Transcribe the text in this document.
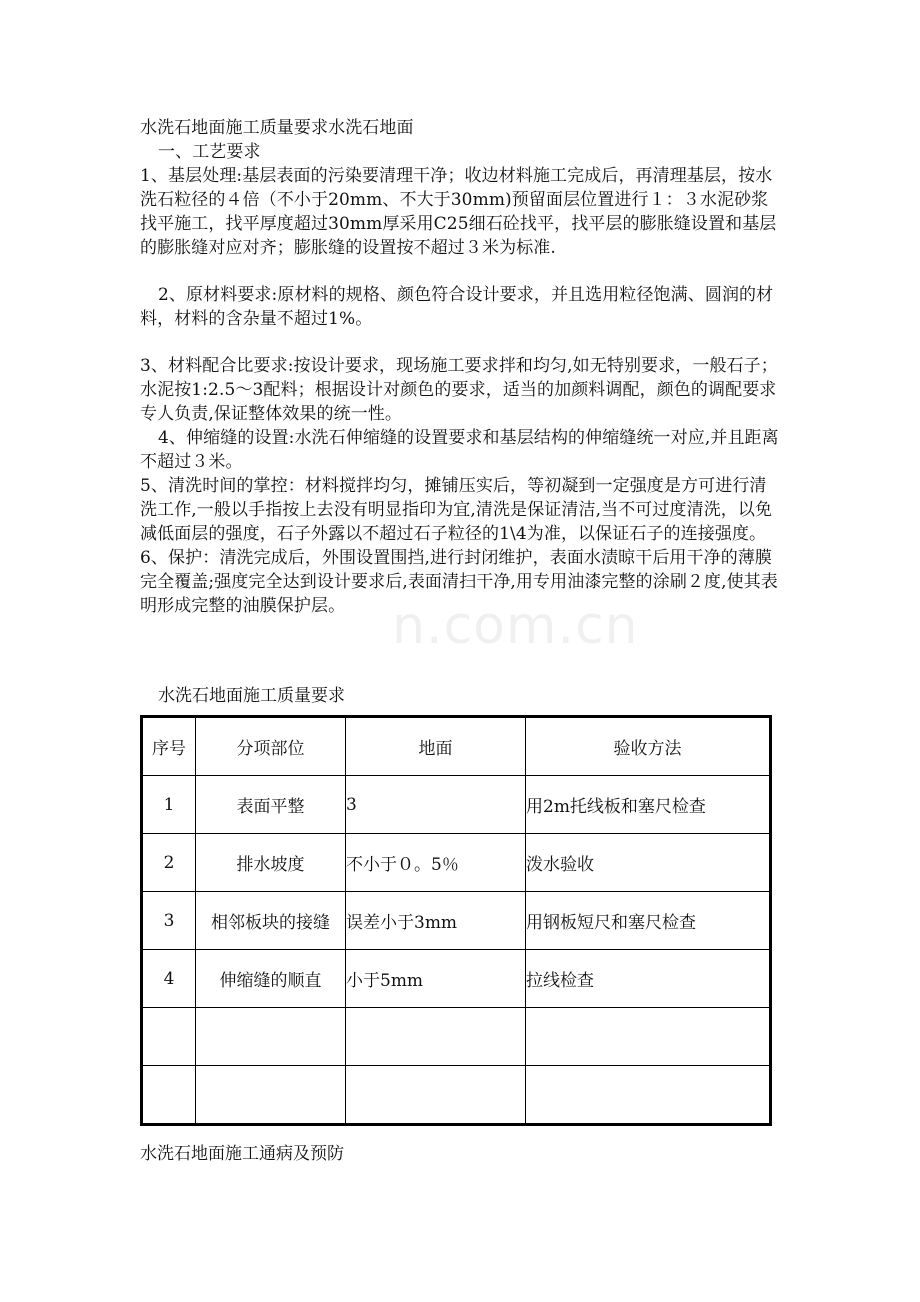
n.com.cn

水洗石地面施工质量要求水洗石地面

一、工艺要求

1、基层处理:基层表面的污染要清理干净；收边材料施工完成后，再清理基层，按水洗石粒径的４倍（不小于20mm、不大于30mm)预留面层位置进行１：３水泥砂浆找平施工，找平厚度超过30mm厚采用C25细石砼找平，找平层的膨胀缝设置和基层的膨胀缝对应对齐；膨胀缝的设置按不超过３米为标准.

2、原材料要求:原材料的规格、颜色符合设计要求，并且选用粒径饱满、圆润的材料，材料的含杂量不超过1%。

3、材料配合比要求:按设计要求，现场施工要求拌和均匀,如无特别要求，一般石子；水泥按1:2.5～3配料；根据设计对颜色的要求，适当的加颜料调配，颜色的调配要求专人负责,保证整体效果的统一性。

4、伸缩缝的设置:水洗石伸缩缝的设置要求和基层结构的伸缩缝统一对应,并且距离不超过３米。

5、清洗时间的掌控：材料搅拌均匀，摊铺压实后，等初凝到一定强度是方可进行清洗工作,一般以手指按上去没有明显指印为宜,清洗是保证清洁,当不可过度清洗，以免减低面层的强度，石子外露以不超过石子粒径的1\4为准，以保证石子的连接强度。

6、保护：清洗完成后，外围设置围挡,进行封闭维护，表面水渍晾干后用干净的薄膜完全覆盖;强度完全达到设计要求后,表面清扫干净,用专用油漆完整的涂刷２度,使其表明形成完整的油膜保护层。

水洗石地面施工质量要求
序号	分项部位	地面	验收方法
1	表面平整	3	用2m托线板和塞尺检查
2	排水坡度	不小于０。5％	泼水验收
3	相邻板块的接缝	误差小于3mm	用钢板短尺和塞尺检查
4	伸缩缝的顺直	小于5mm	拉线检查

水洗石地面施工通病及预防
